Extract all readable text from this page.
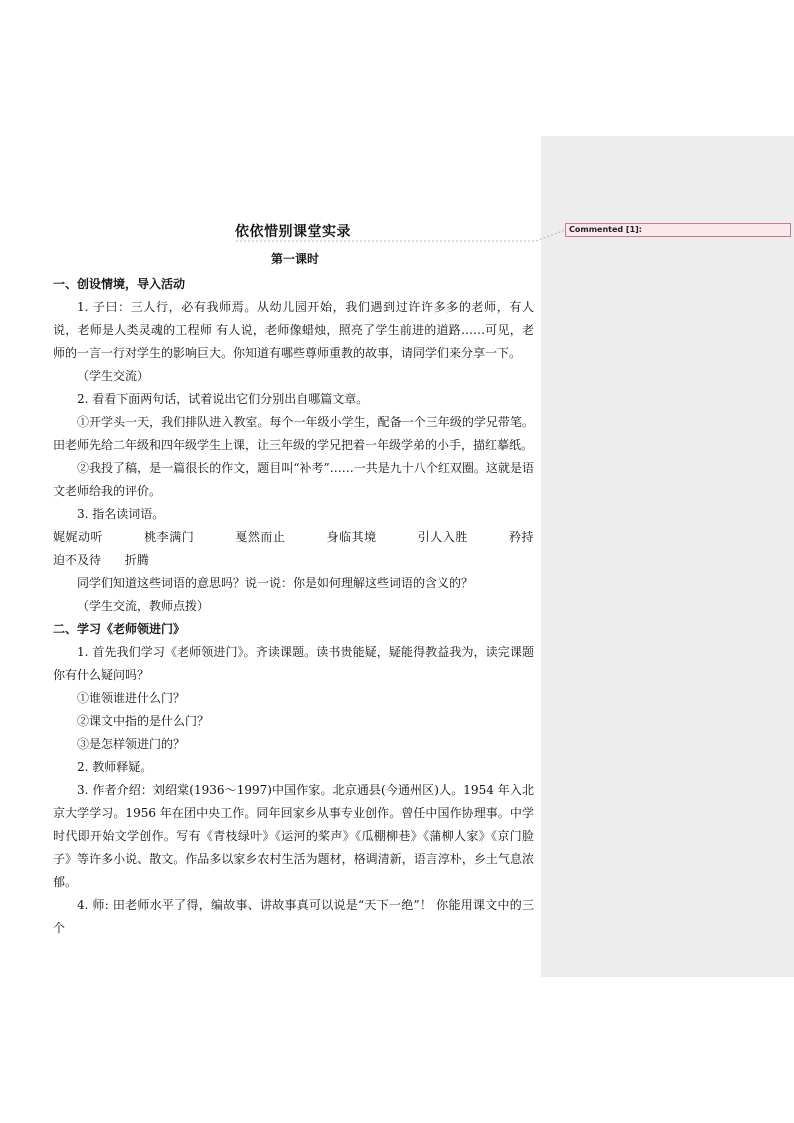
Commented [1]:
依依惜别课堂实录
第一课时

一、创设情境，导入活动

1. 子曰：三人行，必有我师焉。从幼儿园开始，我们遇到过许许多多的老师，有人说，老师是人类灵魂的工程师 有人说，老师像蜡烛，照亮了学生前进的道路……可见，老师的一言一行对学生的影响巨大。你知道有哪些尊师重教的故事，请同学们来分享一下。

（学生交流）

2. 看看下面两句话，试着说出它们分别出自哪篇文章。

①开学头一天，我们排队进入教室。每个一年级小学生，配备一个三年级的学兄带笔。田老师先给二年级和四年级学生上课，让三年级的学兄把着一年级学弟的小手，描红摹纸。

②我投了稿，是一篇很长的作文，题目叫“补考”……一共是九十八个红双圈。这就是语文老师给我的评价。

3. 指名读词语。

娓娓动听	桃李满门	戛然而止	身临其境	引人入胜	矜持

迫不及待 折腾

同学们知道这些词语的意思吗？说一说：你是如何理解这些词语的含义的？

（学生交流，教师点拨）

二、学习《老师领进门》

1. 首先我们学习《老师领进门》。齐读课题。读书贵能疑，疑能得教益我为，读完课题你有什么疑问吗？

①谁领谁进什么门？

②课文中指的是什么门？

③是怎样领进门的？

2. 教师释疑。

3. 作者介绍：刘绍棠(1936～1997)中国作家。北京通县(今通州区)人。1954 年入北京大学学习。1956 年在团中央工作。同年回家乡从事专业创作。曾任中国作协理事。中学时代即开始文学创作。写有《青枝绿叶》《运河的桨声》《瓜棚柳巷》《蒲柳人家》《京门脸子》等许多小说、散文。作品多以家乡农村生活为题材，格调清新，语言淳朴，乡土气息浓郁。

4. 师: 田老师水平了得，编故事、讲故事真可以说是“天下一绝”！ 你能用课文中的三个
